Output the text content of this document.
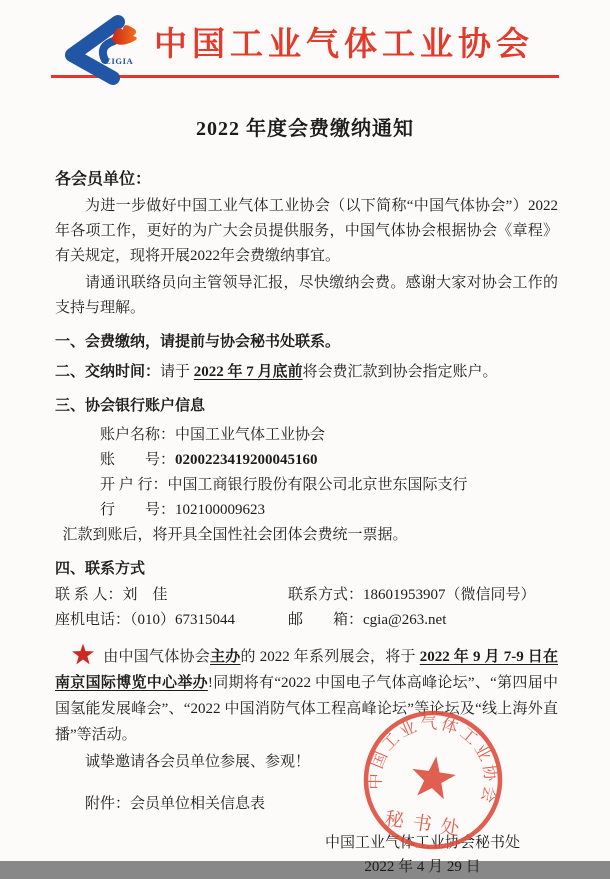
CIGIA 中国工业气体工业协会
2022 年度会费缴纳通知
各会员单位：

为进一步做好中国工业气体工业协会（以下简称“中国气体协会”）2022年各项工作，更好的为广大会员提供服务，中国气体协会根据协会《章程》有关规定，现将开展2022年会费缴纳事宜。

请通讯联络员向主管领导汇报，尽快缴纳会费。感谢大家对协会工作的支持与理解。

一、会费缴纳，请提前与协会秘书处联系。

二、交纳时间：请于 2022 年 7 月底前将会费汇款到协会指定账户。

三、协会银行账户信息
账户名称：中国工业气体工业协会
账　　号：0200223419200045160
开 户 行：中国工商银行股份有限公司北京世东国际支行
行　　号：102100009623

汇款到账后，将开具全国性社会团体会费统一票据。

四、联系方式
联 系 人：刘　佳	联系方式：18601953907（微信同号）
座机电话：（010）67315044	邮　　箱：cgia@263.net

由中国气体协会主办的 2022 年系列展会，将于 2022 年 9 月 7-9 日在南京国际博览中心举办!同期将有“2022 中国电子气体高峰论坛”、“第四届中国氢能发展峰会”、“2022 中国消防气体工程高峰论坛”等论坛及“线上海外直播”等活动。

诚挚邀请各会员单位参展、参观！

附件：会员单位相关信息表

中国工业气体工业协会秘书处
2022 年 4 月 29 日
中国工业气体工业协会
秘书处
